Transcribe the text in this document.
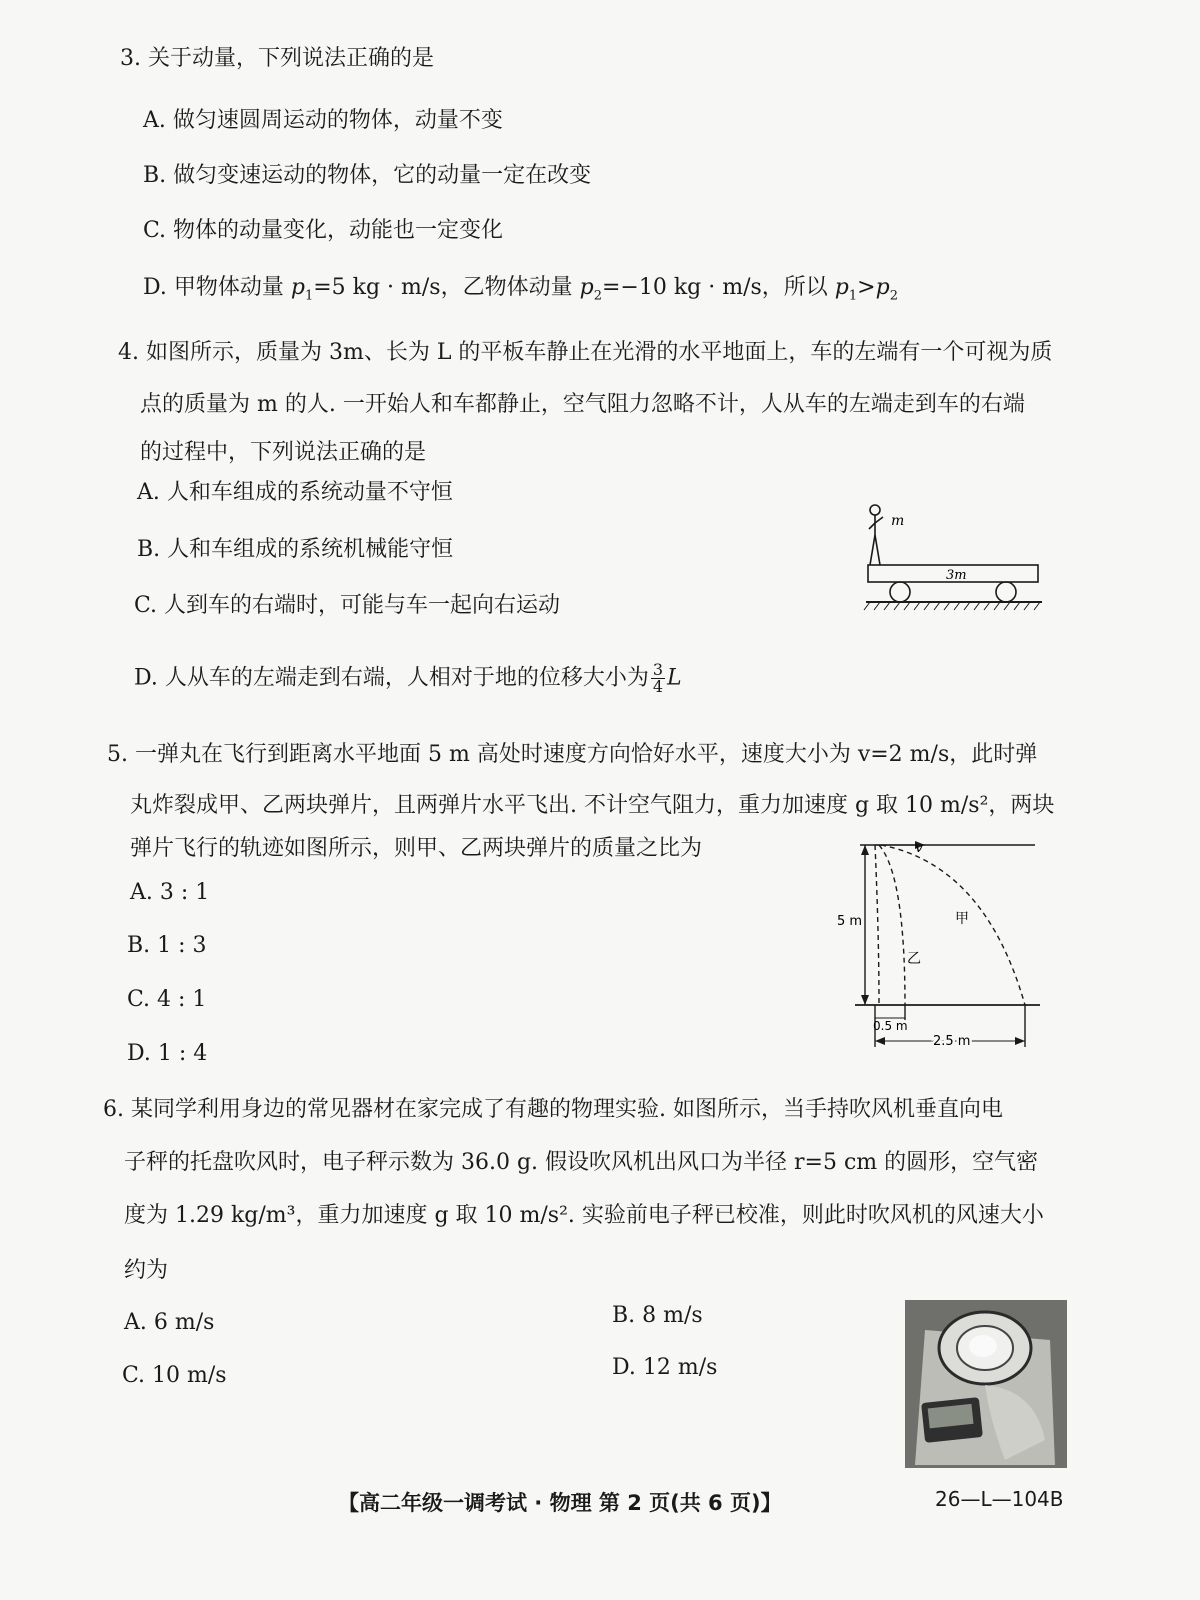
3. 关于动量，下列说法正确的是
A. 做匀速圆周运动的物体，动量不变
B. 做匀变速运动的物体，它的动量一定在改变
C. 物体的动量变化，动能也一定变化
D. 甲物体动量 $p_1=5$ kg · m/s，乙物体动量 $p_2=-10$ kg · m/s，所以 $p_1>p_2$
4. 如图所示，质量为 3m、长为 L 的平板车静止在光滑的水平地面上，车的左端有一个可视为质
点的质量为 m 的人. 一开始人和车都静止，空气阻力忽略不计，人从车的左端走到车的右端
的过程中，下列说法正确的是
A. 人和车组成的系统动量不守恒
B. 人和车组成的系统机械能守恒
C. 人到车的右端时，可能与车一起向右运动
D. 人从车的左端走到右端，人相对于地的位移大小为 $\frac{3}{4}$ L
m
3m
5. 一弹丸在飞行到距离水平地面 5 m 高处时速度方向恰好水平，速度大小为 v=2 m/s，此时弹
丸炸裂成甲、乙两块弹片，且两弹片水平飞出. 不计空气阻力，重力加速度 g 取 10 m/s²，两块
弹片飞行的轨迹如图所示，则甲、乙两块弹片的质量之比为
A. 3 : 1
B. 1 : 3
C. 4 : 1
D. 1 : 4
v
5 m	甲
乙
0.5 m
2.5 m
6. 某同学利用身边的常见器材在家完成了有趣的物理实验. 如图所示，当手持吹风机垂直向电
子秤的托盘吹风时，电子秤示数为 36.0 g. 假设吹风机出风口为半径 r=5 cm 的圆形，空气密
度为 1.29 kg/m³，重力加速度 g 取 10 m/s². 实验前电子秤已校准，则此时吹风机的风速大小
约为
A. 6 m/s	B. 8 m/s
C. 10 m/s	D. 12 m/s
【高二年级一调考试 · 物理 第 2 页(共 6 页)】	26—L—104B
